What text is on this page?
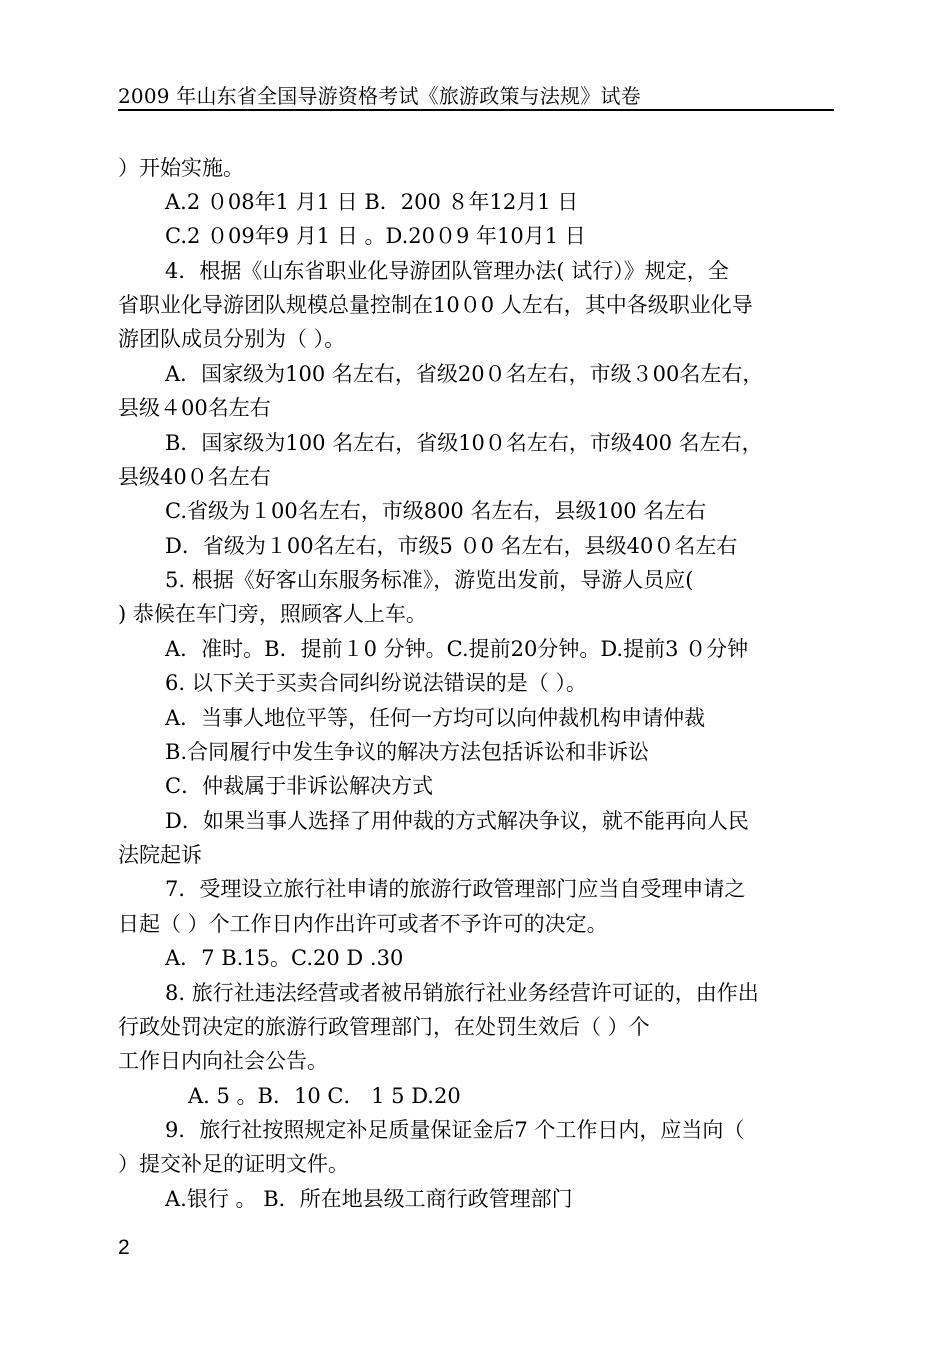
2009 年山东省全国导游资格考试《旅游政策与法规》试卷
）开始实施。
A.2 ０08年1 月1 日 B．200 ８年12月1 日
C.2 ０09年9 月1 日 。D.20０9 年10月1 日
4．根据《山东省职业化导游团队管理办法( 试行）》规定，全
省职业化导游团队规模总量控制在10０0 人左右，其中各级职业化导
游团队成员分别为（ ）。
A．国家级为100 名左右，省级20０名左右，市级３00名左右，
县级４00名左右
B．国家级为100 名左右，省级10０名左右，市级400 名左右，
县级40０名左右
C.省级为１00名左右，市级800 名左右，县级100 名左右
D．省级为１00名左右，市级5 ０0 名左右，县级40０名左右
5. 根据《好客山东服务标准》，游览出发前，导游人员应(
) 恭候在车门旁，照顾客人上车。
A．准时。B．提前１0 分钟。C.提前20分钟。D.提前3 ０分钟
6. 以下关于买卖合同纠纷说法错误的是（ ）。
A．当事人地位平等，任何一方均可以向仲裁机构申请仲裁
B.合同履行中发生争议的解决方法包括诉讼和非诉讼
C．仲裁属于非诉讼解决方式
D．如果当事人选择了用仲裁的方式解决争议，就不能再向人民
法院起诉
7．受理设立旅行社申请的旅游行政管理部门应当自受理申请之
日起（ ）个工作日内作出许可或者不予许可的决定。
A．7 B.15。C.20 D .30
8. 旅行社违法经营或者被吊销旅行社业务经营许可证的，由作出
行政处罚决定的旅游行政管理部门，在处罚生效后（ ）个
工作日内向社会公告。
A. 5 。B．10 C． 1 5 D.20
9．旅行社按照规定补足质量保证金后7 个工作日内，应当向（
）提交补足的证明文件。
A.银行 。 B．所在地县级工商行政管理部门
2
